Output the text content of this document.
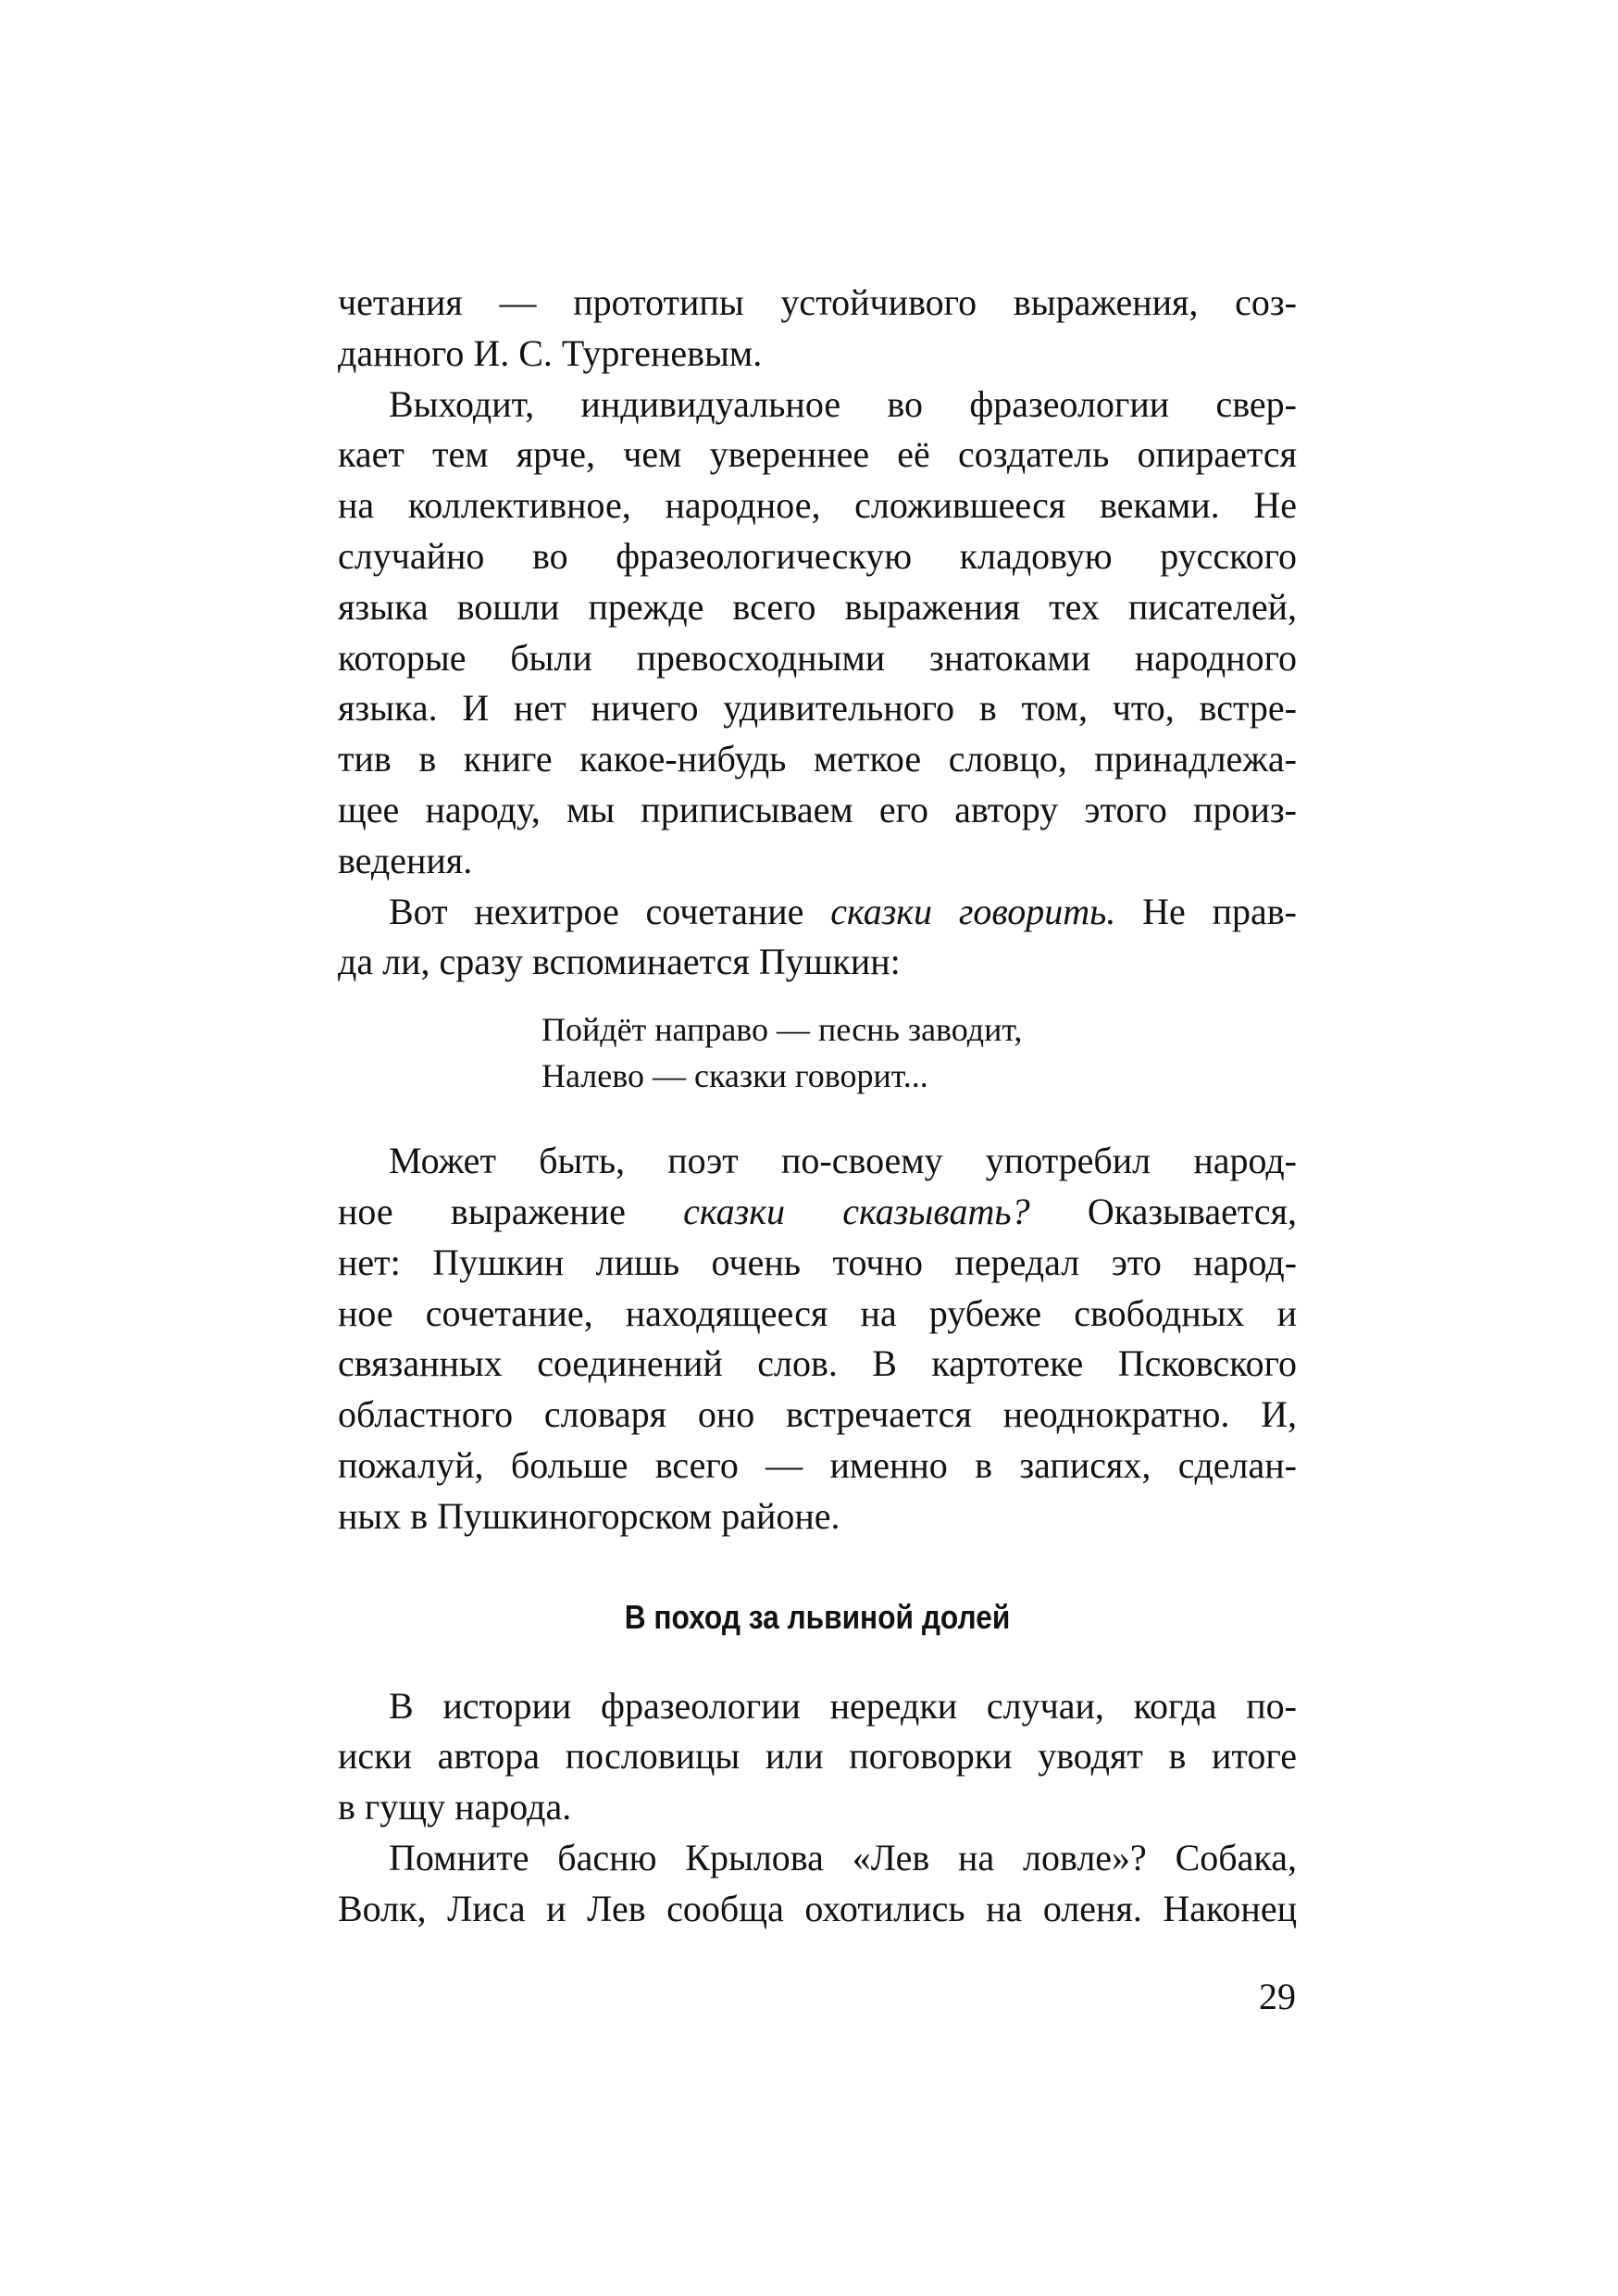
четания — прототипы устойчивого выражения, соз-
данного И. С. Тургеневым.
Выходит, индивидуальное во фразеологии свер-
кает тем ярче, чем увереннее её создатель опирается
на коллективное, народное, сложившееся веками. Не
случайно во фразеологическую кладовую русского
языка вошли прежде всего выражения тех писателей,
которые были превосходными знатоками народного
языка. И нет ничего удивительного в том, что, встре-
тив в книге какое-нибудь меткое словцо, принадлежа-
щее народу, мы приписываем его автору этого произ-
ведения.
Вот нехитрое сочетание сказки говорить. Не прав-
да ли, сразу вспоминается Пушкин:
Пойдёт направо — песнь заводит,
Налево — сказки говорит...
Может быть, поэт по-своему употребил народ-
ное выражение сказки сказывать? Оказывается,
нет: Пушкин лишь очень точно передал это народ-
ное сочетание, находящееся на рубеже свободных и
связанных соединений слов. В картотеке Псковского
областного словаря оно встречается неоднократно. И,
пожалуй, больше всего — именно в записях, сделан-
ных в Пушкиногорском районе.
В поход за львиной долей
В истории фразеологии нередки случаи, когда по-
иски автора пословицы или поговорки уводят в итоге
в гущу народа.
Помните басню Крылова «Лев на ловле»? Собака,
Волк, Лиса и Лев сообща охотились на оленя. Наконец
29
